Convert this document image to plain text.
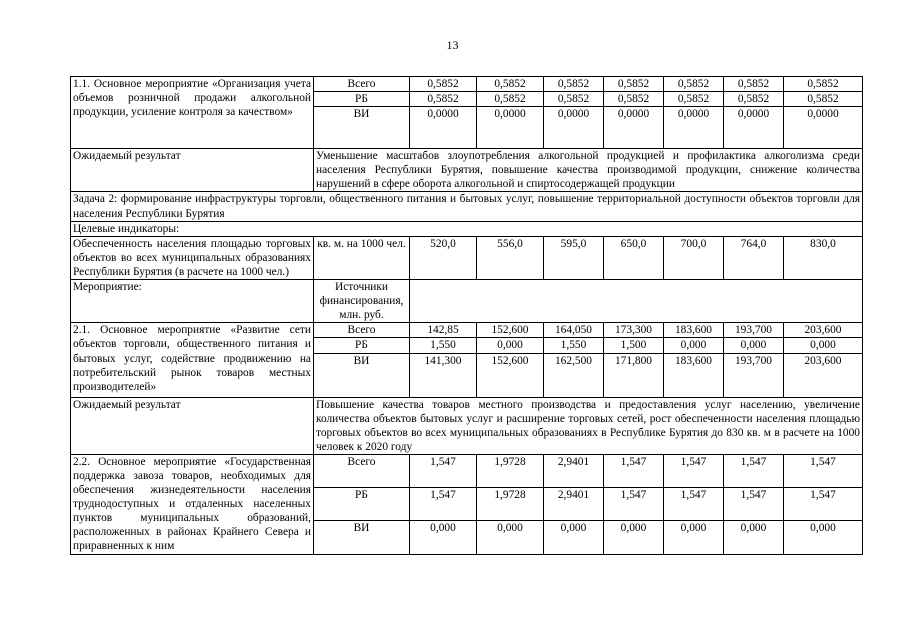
13
1.1. Основное мероприятие «Организация учета объемов розничной продажи алкогольной продукции, усиление контроля за качеством»	Всего	0,5852	0,5852	0,5852	0,5852	0,5852	0,5852	0,5852
	РБ	0,5852	0,5852	0,5852	0,5852	0,5852	0,5852	0,5852
	ВИ	0,0000	0,0000	0,0000	0,0000	0,0000	0,0000	0,0000
Ожидаемый результат	Уменьшение масштабов злоупотребления алкогольной продукцией и профилактика алкоголизма среди населения Республики Бурятия, повышение качества производимой продукции, снижение количества нарушений в сфере оборота алкогольной и спиртосодержащей продукции							
Задача 2: формирование инфраструктуры торговли, общественного питания и бытовых услуг, повышение территориальной доступности объектов торговли для населения Республики Бурятия								
Целевые индикаторы:								
Обеспеченность населения площадью торговых объектов во всех муниципальных образованиях Республики Бурятия (в расчете на 1000 чел.)	кв. м. на 1000 чел.	520,0	556,0	595,0	650,0	700,0	764,0	830,0
Мероприятие:	Источники финансирования, млн. руб.							
2.1. Основное мероприятие «Развитие сети объектов торговли, общественного питания и бытовых услуг, содействие продвижению на потребительский рынок товаров местных производителей»	Всего	142,85	152,600	164,050	173,300	183,600	193,700	203,600
	РБ	1,550	0,000	1,550	1,500	0,000	0,000	0,000
	ВИ	141,300	152,600	162,500	171,800	183,600	193,700	203,600
Ожидаемый результат	Повышение качества товаров местного производства и предоставления услуг населению, увеличение количества объектов бытовых услуг и расширение торговых сетей, рост обеспеченности населения площадью торговых объектов во всех муниципальных образованиях в Республике Бурятия до 830 кв. м в расчете на 1000 человек к 2020 году							
2.2. Основное мероприятие «Государственная поддержка завоза товаров, необходимых для обеспечения жизнедеятельности населения труднодоступных и отдаленных населенных пунктов муниципальных образований, расположенных в районах Крайнего Севера и приравненных к ним	Всего	1,547	1,9728	2,9401	1,547	1,547	1,547	1,547
	РБ	1,547	1,9728	2,9401	1,547	1,547	1,547	1,547
	ВИ	0,000	0,000	0,000	0,000	0,000	0,000	0,000
